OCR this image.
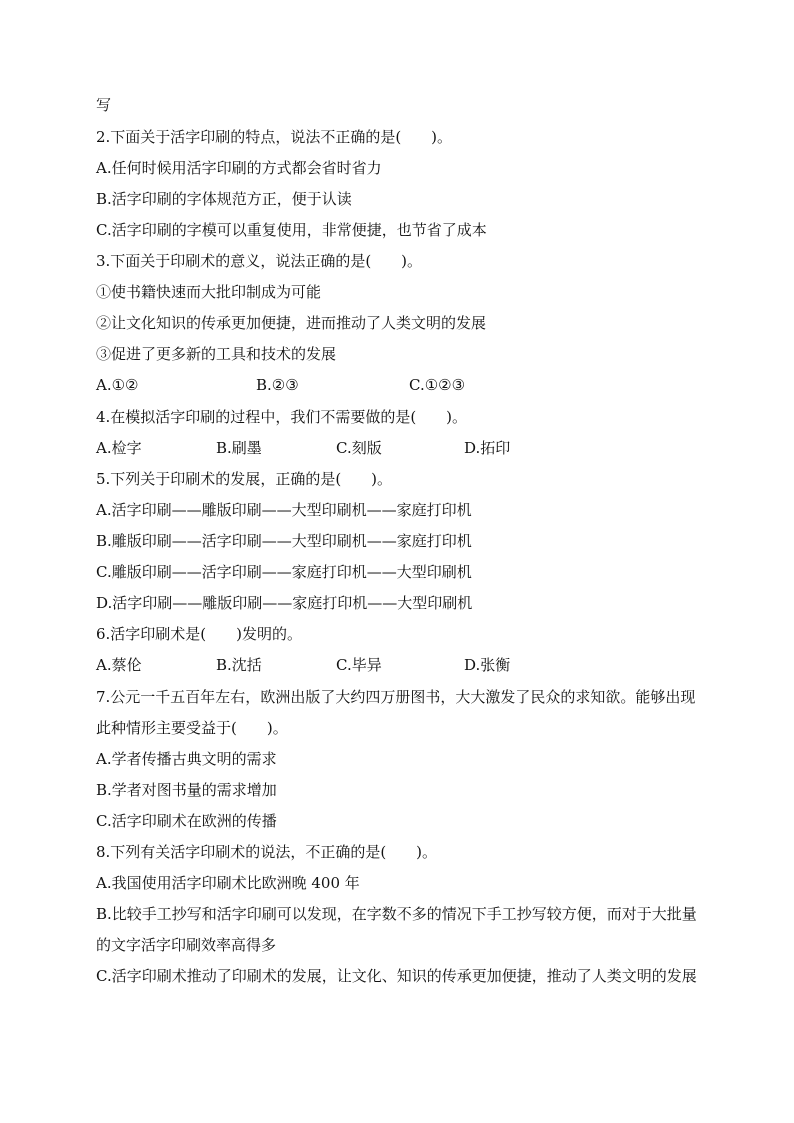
写
2.下面关于活字印刷的特点，说法不正确的是(　　)。
A.任何时候用活字印刷的方式都会省时省力
B.活字印刷的字体规范方正，便于认读
C.活字印刷的字模可以重复使用，非常便捷，也节省了成本
3.下面关于印刷术的意义，说法正确的是(　　)。
①使书籍快速而大批印制成为可能
②让文化知识的传承更加便捷，进而推动了人类文明的发展
③促进了更多新的工具和技术的发展
A.①②	B.②③	C.①②③
4.在模拟活字印刷的过程中，我们不需要做的是(　　)。
A.检字	B.刷墨	C.刻版	D.拓印
5.下列关于印刷术的发展，正确的是(　　)。
A.活字印刷——雕版印刷——大型印刷机——家庭打印机
B.雕版印刷——活字印刷——大型印刷机——家庭打印机
C.雕版印刷——活字印刷——家庭打印机——大型印刷机
D.活字印刷——雕版印刷——家庭打印机——大型印刷机
6.活字印刷术是(　　)发明的。
A.蔡伦	B.沈括	C.毕异	D.张衡
7.公元一千五百年左右，欧洲出版了大约四万册图书，大大激发了民众的求知欲。能够出现此种情形主要受益于(　　)。
A.学者传播古典文明的需求
B.学者对图书量的需求增加
C.活字印刷术在欧洲的传播
8.下列有关活字印刷术的说法，不正确的是(　　)。
A.我国使用活字印刷术比欧洲晚 400 年
B.比较手工抄写和活字印刷可以发现，在字数不多的情况下手工抄写较方便，而对于大批量的文字活字印刷效率高得多
C.活字印刷术推动了印刷术的发展，让文化、知识的传承更加便捷，推动了人类文明的发展
